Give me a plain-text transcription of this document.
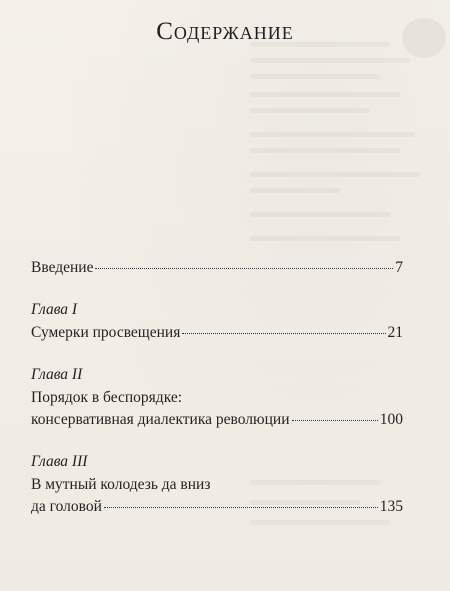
Содержание
Введение	7
Глава I
Сумерки просвещения	21
Глава II
Порядок в беспорядке:
консервативная диалектика революции	100
Глава III
В мутный колодезь да вниз
да головой	135
